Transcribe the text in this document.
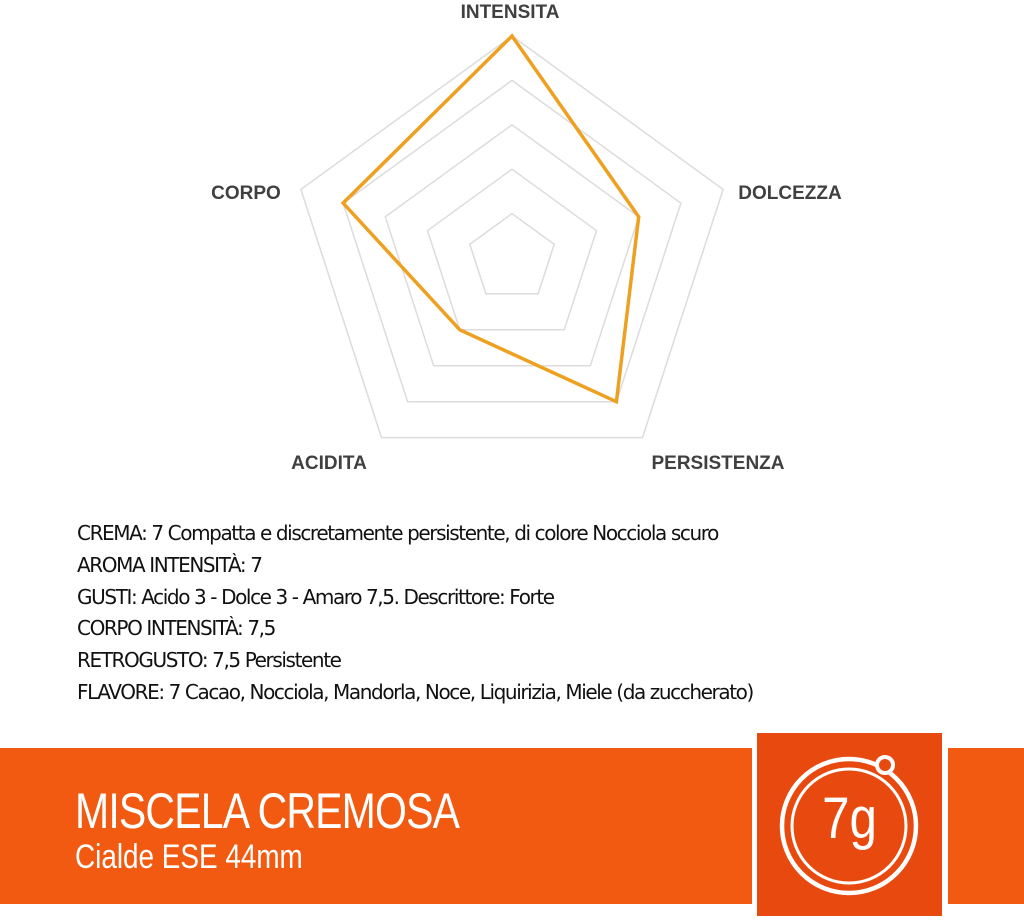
INTENSITA
DOLCEZZA
PERSISTENZA
ACIDITA
CORPO
CREMA: 7 Compatta e discretamente persistente, di colore Nocciola scuro
AROMA INTENSITÀ: 7
GUSTI: Acido 3 - Dolce 3 - Amaro 7,5. Descrittore: Forte
CORPO INTENSITÀ: 7,5
RETROGUSTO: 7,5 Persistente
FLAVORE: 7 Cacao, Nocciola, Mandorla, Noce, Liquirizia, Miele (da zuccherato)
MISCELA CREMOSA
Cialde ESE 44mm
7g
